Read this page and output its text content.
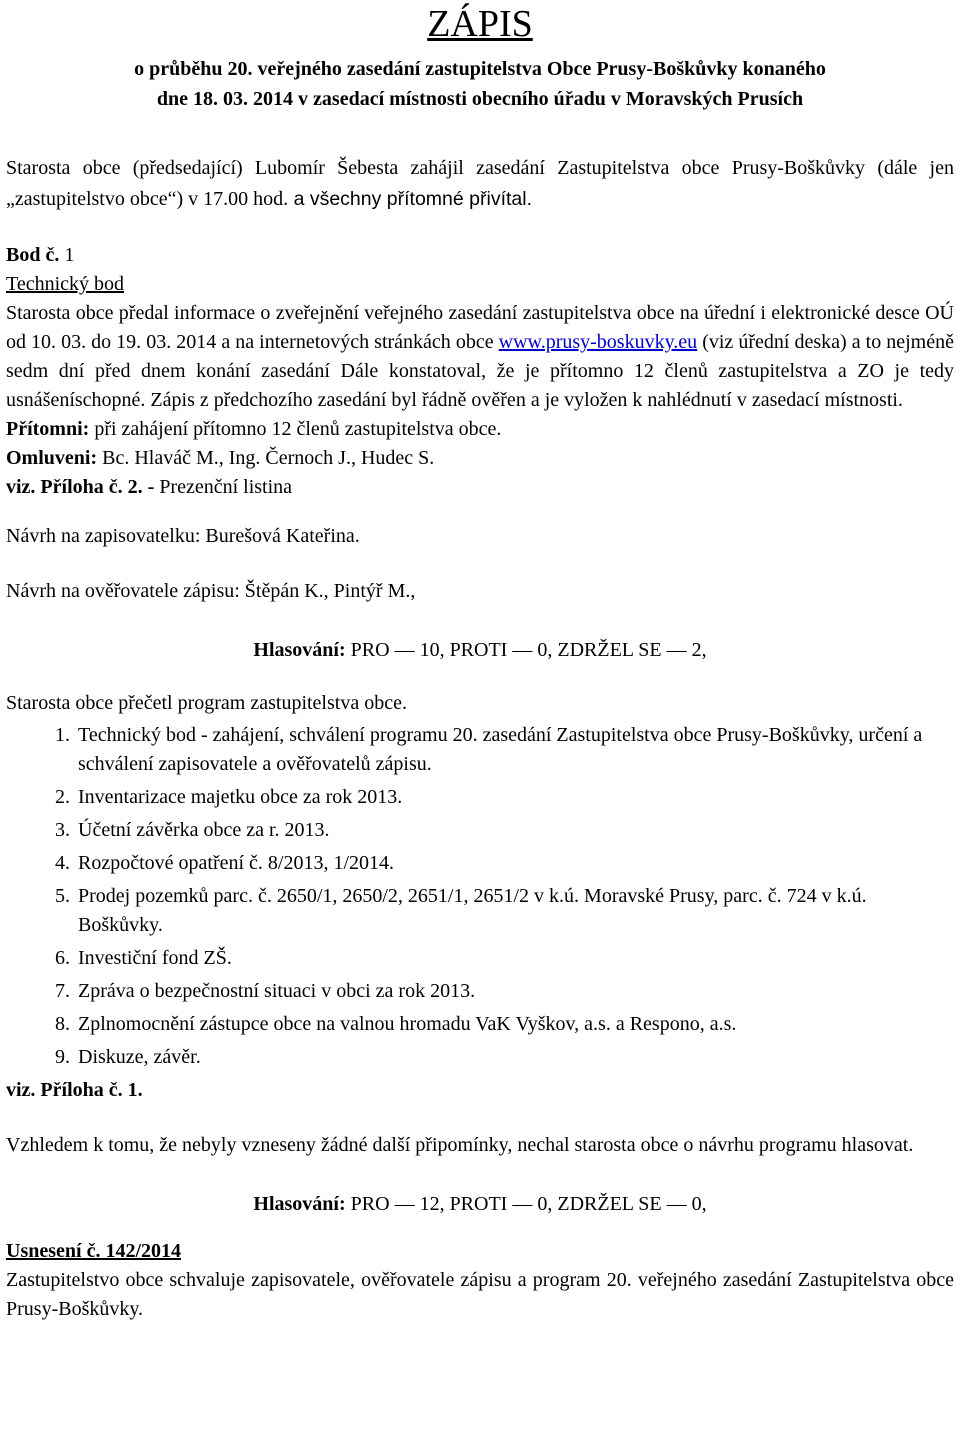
ZÁPIS
o průběhu 20. veřejného zasedání zastupitelstva Obce Prusy-Boškůvky konaného
dne 18. 03. 2014 v zasedací místnosti obecního úřadu v Moravských Prusích

Starosta obce (předsedající) Lubomír Šebesta zahájil zasedání Zastupitelstva obce Prusy-Boškůvky (dále jen „zastupitelstvo obce“) v 17.00 hod. a všechny přítomné přivítal.

Bod č. 1
Technický bod

Starosta obce předal informace o zveřejnění veřejného zasedání zastupitelstva obce na úřední i elektronické desce OÚ od 10. 03. do 19. 03. 2014 a na internetových stránkách obce www.prusy-boskuvky.eu (viz úřední deska) a to nejméně sedm dní před dnem konání zasedání Dále konstatoval, že je přítomno 12 členů zastupitelstva a ZO je tedy usnášeníschopné. Zápis z předchozího zasedání byl řádně ověřen a je vyložen k nahlédnutí v zasedací místnosti.

Přítomni: při zahájení přítomno 12 členů zastupitelstva obce.

Omluveni: Bc. Hlaváč M., Ing. Černoch J., Hudec S.

viz. Příloha č. 2. - Prezenční listina

Návrh na zapisovatelku: Burešová Kateřina.

Návrh na ověřovatele zápisu: Štěpán K., Pintýř M.,

Hlasování: PRO — 10, PROTI — 0, ZDRŽEL SE — 2,

Starosta obce přečetl program zastupitelstva obce.

1. Technický bod - zahájení, schválení programu 20. zasedání Zastupitelstva obce Prusy-Boškůvky, určení a schválení zapisovatele a ověřovatelů zápisu.
2. Inventarizace majetku obce za rok 2013.
3. Účetní závěrka obce za r. 2013.
4. Rozpočtové opatření č. 8/2013, 1/2014.
5. Prodej pozemků parc. č. 2650/1, 2650/2, 2651/1, 2651/2 v k.ú. Moravské Prusy, parc. č. 724 v k.ú. Boškůvky.
6. Investiční fond ZŠ.
7. Zpráva o bezpečnostní situaci v obci za rok 2013.
8. Zplnomocnění zástupce obce na valnou hromadu VaK Vyškov, a.s. a Respono, a.s.
9. Diskuze, závěr.

viz. Příloha č. 1.

Vzhledem k tomu, že nebyly vzneseny žádné další připomínky, nechal starosta obce o návrhu programu hlasovat.

Hlasování: PRO — 12, PROTI — 0, ZDRŽEL SE — 0,

Usnesení č. 142/2014

Zastupitelstvo obce schvaluje zapisovatele, ověřovatele zápisu a program 20. veřejného zasedání Zastupitelstva obce Prusy-Boškůvky.
